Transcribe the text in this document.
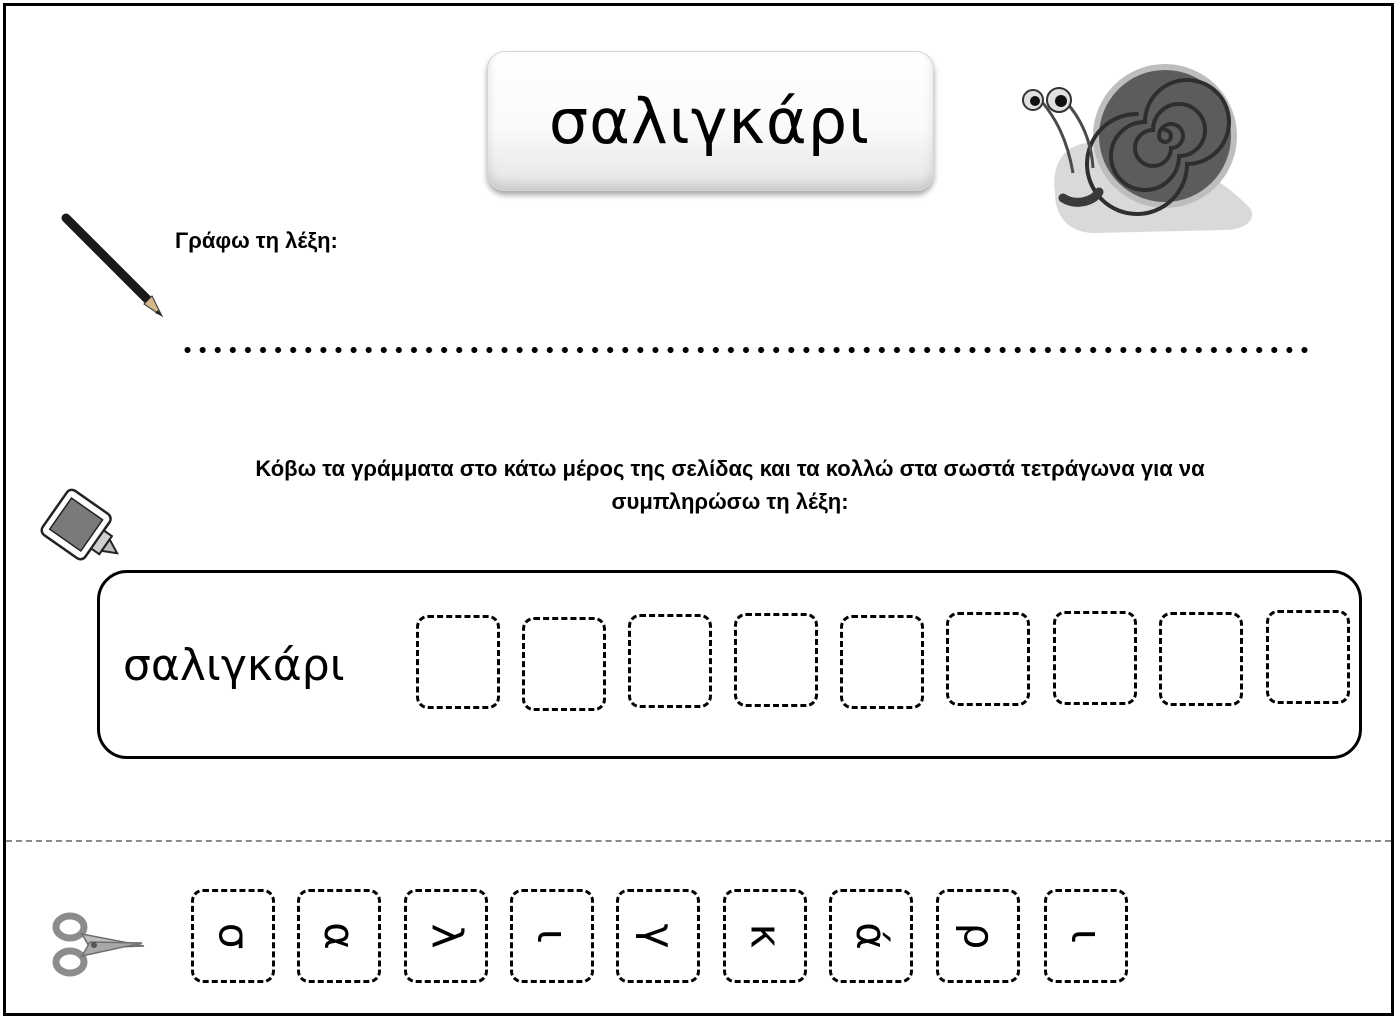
σαλιγκάρι
Γράφω τη λέξη:
Κόβω τα γράμματα στο κάτω μέρος της σελίδας και τα κολλώ στα σωστά τετράγωνα για να
συμπληρώσω τη λέξη:
σαλιγκάρι
σ α λ ι γ κ ά ρ ι
